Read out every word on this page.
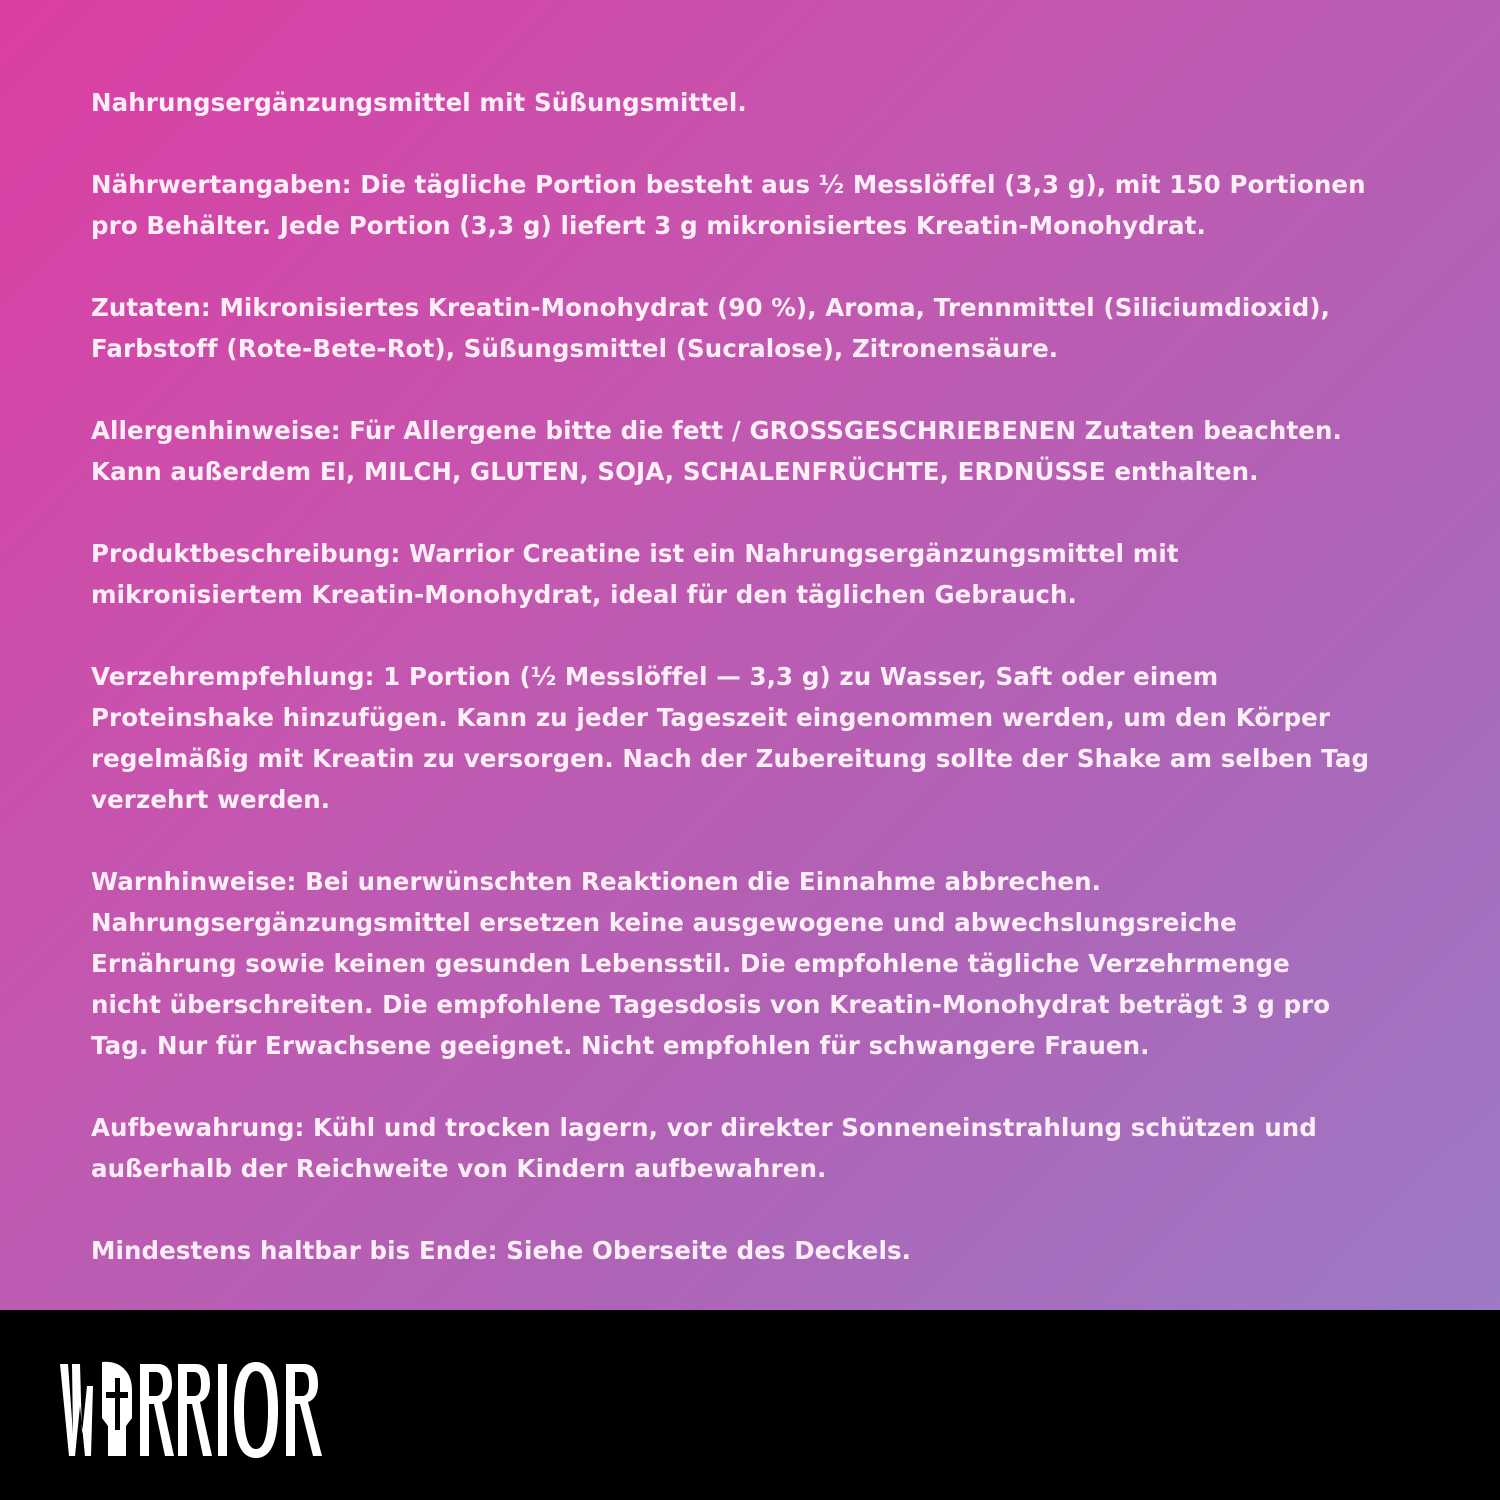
Nahrungsergänzungsmittel mit Süßungsmittel.

Nährwertangaben: Die tägliche Portion besteht aus ½ Messlöffel (3,3 g), mit 150 Portionen
pro Behälter. Jede Portion (3,3 g) liefert 3 g mikronisiertes Kreatin-Monohydrat.

Zutaten: Mikronisiertes Kreatin-Monohydrat (90 %), Aroma, Trennmittel (Siliciumdioxid),
Farbstoff (Rote-Bete-Rot), Süßungsmittel (Sucralose), Zitronensäure.

Allergenhinweise: Für Allergene bitte die fett / GROSSGESCHRIEBENEN Zutaten beachten.
Kann außerdem EI, MILCH, GLUTEN, SOJA, SCHALENFRÜCHTE, ERDNÜSSE enthalten.

Produktbeschreibung: Warrior Creatine ist ein Nahrungsergänzungsmittel mit
mikronisiertem Kreatin-Monohydrat, ideal für den täglichen Gebrauch.

Verzehrempfehlung: 1 Portion (½ Messlöffel — 3,3 g) zu Wasser, Saft oder einem
Proteinshake hinzufügen. Kann zu jeder Tageszeit eingenommen werden, um den Körper
regelmäßig mit Kreatin zu versorgen. Nach der Zubereitung sollte der Shake am selben Tag
verzehrt werden.

Warnhinweise: Bei unerwünschten Reaktionen die Einnahme abbrechen.
Nahrungsergänzungsmittel ersetzen keine ausgewogene und abwechslungsreiche
Ernährung sowie keinen gesunden Lebensstil. Die empfohlene tägliche Verzehrmenge
nicht überschreiten. Die empfohlene Tagesdosis von Kreatin-Monohydrat beträgt 3 g pro
Tag. Nur für Erwachsene geeignet. Nicht empfohlen für schwangere Frauen.

Aufbewahrung: Kühl und trocken lagern, vor direkter Sonneneinstrahlung schützen und
außerhalb der Reichweite von Kindern aufbewahren.

Mindestens haltbar bis Ende: Siehe Oberseite des Deckels.
